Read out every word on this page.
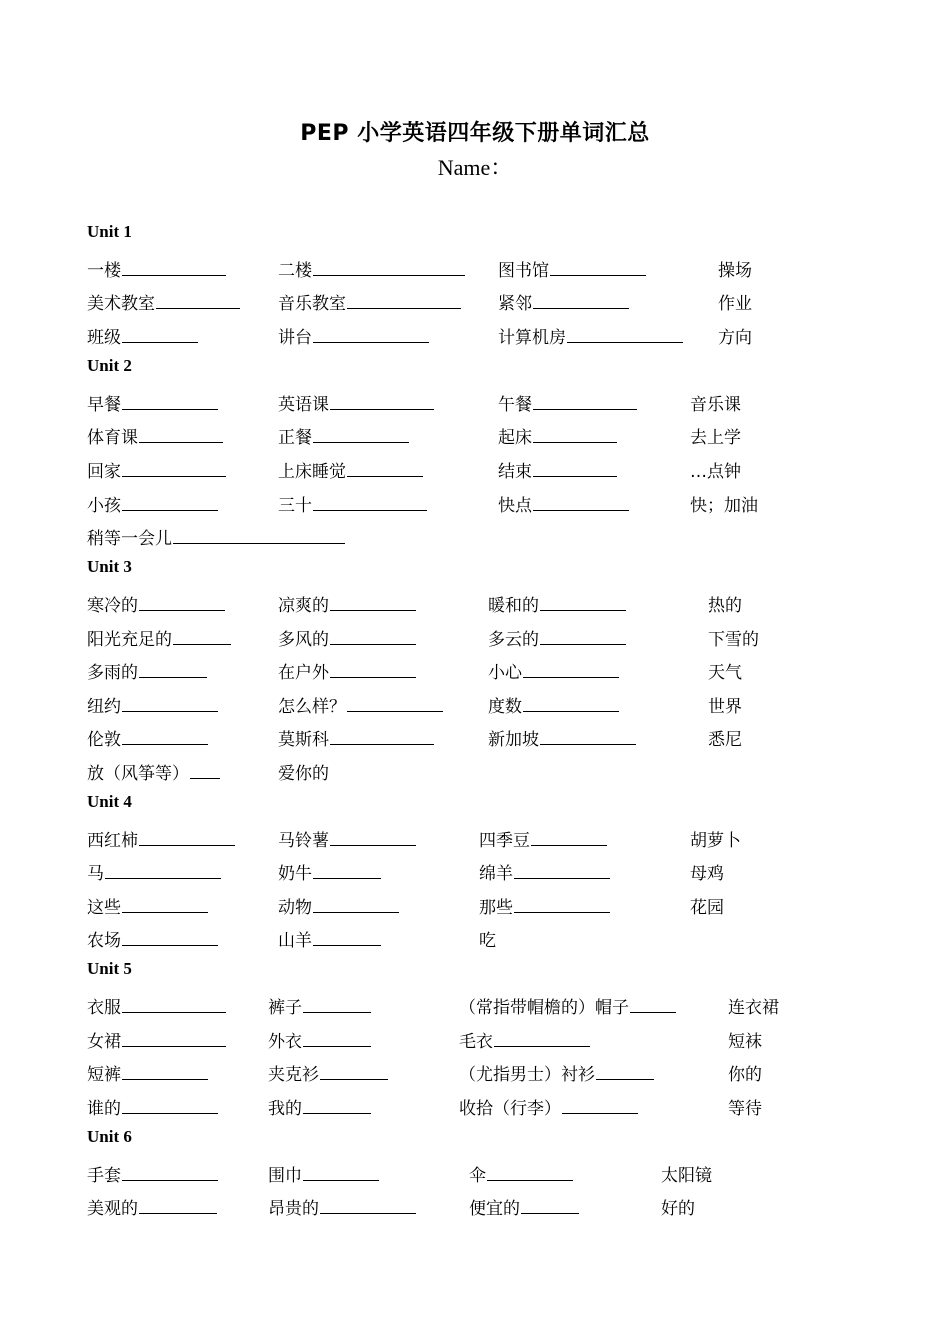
PEP 小学英语四年级下册单词汇总
Name：
Unit 1
一楼	二楼	图书馆	操场
美术教室	音乐教室	紧邻	作业
班级	讲台	计算机房	方向
Unit 2
早餐	英语课	午餐	音乐课
体育课	正餐	起床	去上学
回家	上床睡觉	结束	…点钟
小孩	三十	快点	快；加油
稍等一会儿
Unit 3
寒冷的	凉爽的	暖和的	热的
阳光充足的	多风的	多云的	下雪的
多雨的	在户外	小心	天气
纽约	怎么样？	度数	世界
伦敦	莫斯科	新加坡	悉尼
放（风筝等）	爱你的
Unit 4
西红柿	马铃薯	四季豆	胡萝卜
马	奶牛	绵羊	母鸡
这些	动物	那些	花园
农场	山羊	吃
Unit 5
衣服	裤子	（常指带帽檐的）帽子	连衣裙
女裙	外衣	毛衣	短袜
短裤	夹克衫	（尤指男士）衬衫	你的
谁的	我的	收拾（行李）	等待
Unit 6
手套	围巾	伞	太阳镜
美观的	昂贵的	便宜的	好的
